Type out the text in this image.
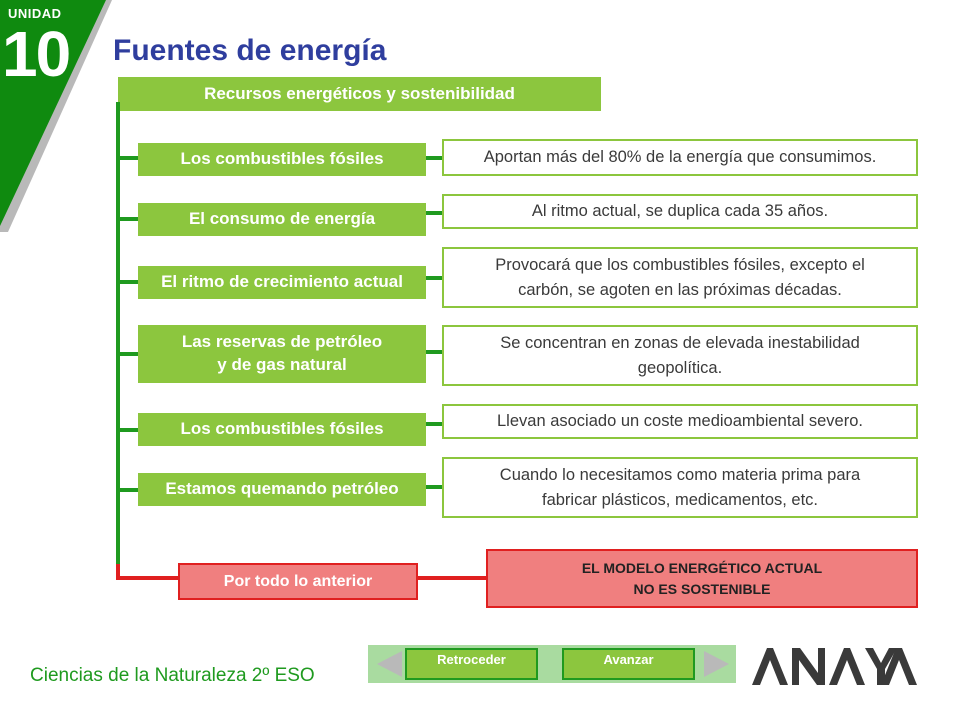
UNIDAD
10 Fuentes de energía
Recursos energéticos y sostenibilidad
Los combustibles fósiles
El consumo de energía
El ritmo de crecimiento actual
Las reservas de petróleo
y de gas natural
Los combustibles fósiles
Estamos quemando petróleo
Aportan más del 80% de la energía que consumimos.
Al ritmo actual, se duplica cada 35 años.
Provocará que los combustibles fósiles, excepto el
carbón, se agoten en las próximas décadas.
Se concentran en zonas de elevada inestabilidad
geopolítica.
Llevan asociado un coste medioambiental severo.
Cuando lo necesitamos como materia prima para
fabricar plásticos, medicamentos, etc.
Por todo lo anterior
EL MODELO ENERGÉTICO ACTUAL
NO ES SOSTENIBLE
Ciencias de la Naturaleza 2º ESO
Retroceder	Avanzar
